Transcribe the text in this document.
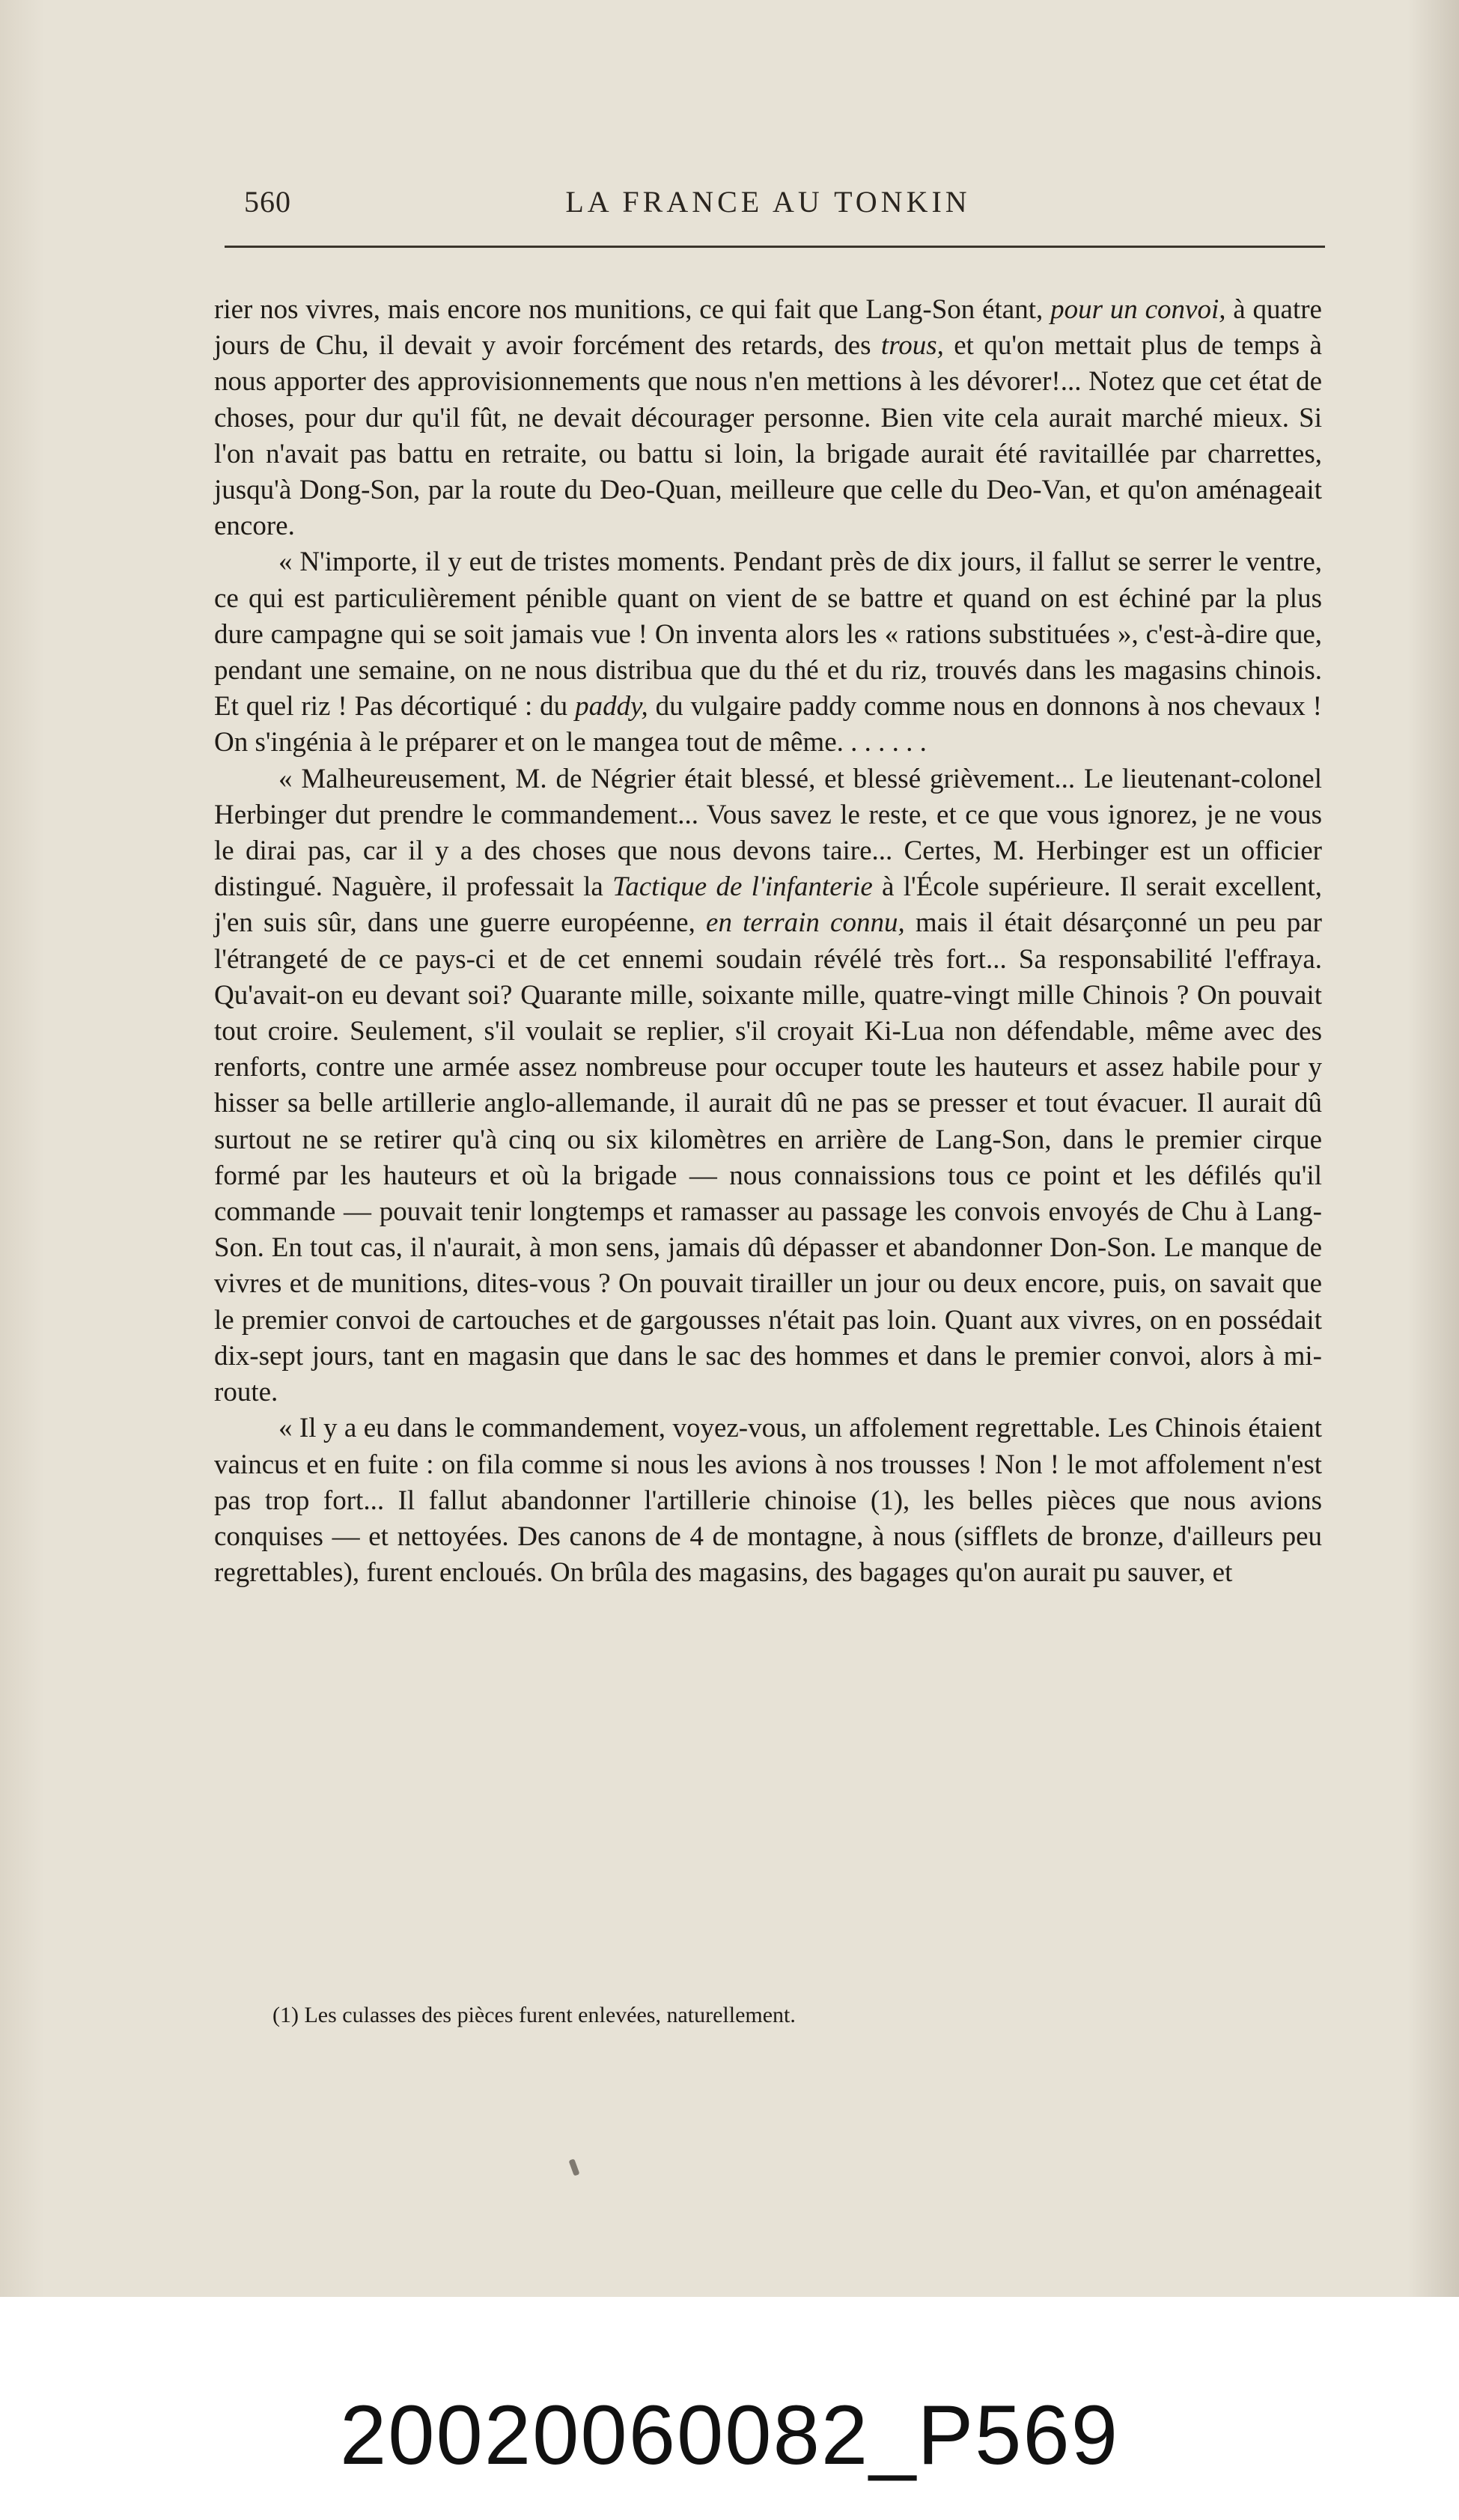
560	LA FRANCE AU TONKIN

rier nos vivres, mais encore nos munitions, ce qui fait que Lang-Son étant, pour un convoi, à quatre jours de Chu, il devait y avoir forcément des retards, des trous, et qu'on mettait plus de temps à nous apporter des approvisionnements que nous n'en mettions à les dévorer!... Notez que cet état de choses, pour dur qu'il fût, ne devait décourager personne. Bien vite cela aurait marché mieux. Si l'on n'avait pas battu en retraite, ou battu si loin, la brigade aurait été ravitaillée par charrettes, jusqu'à Dong-Son, par la route du Deo-Quan, meilleure que celle du Deo-Van, et qu'on aménageait encore.

« N'importe, il y eut de tristes moments. Pendant près de dix jours, il fallut se serrer le ventre, ce qui est particulièrement pénible quant on vient de se battre et quand on est échiné par la plus dure campagne qui se soit jamais vue ! On inventa alors les « rations substituées », c'est-à-dire que, pendant une semaine, on ne nous distribua que du thé et du riz, trouvés dans les magasins chinois. Et quel riz ! Pas décortiqué : du paddy, du vulgaire paddy comme nous en donnons à nos chevaux ! On s'ingénia à le préparer et on le mangea tout de même. . . . . . .

« Malheureusement, M. de Négrier était blessé, et blessé grièvement... Le lieutenant-colonel Herbinger dut prendre le commandement... Vous savez le reste, et ce que vous ignorez, je ne vous le dirai pas, car il y a des choses que nous devons taire... Certes, M. Herbinger est un officier distingué. Naguère, il professait la Tactique de l'infanterie à l'École supérieure. Il serait excellent, j'en suis sûr, dans une guerre européenne, en terrain connu, mais il était désarçonné un peu par l'étrangeté de ce pays-ci et de cet ennemi soudain révélé très fort... Sa responsabilité l'effraya. Qu'avait-on eu devant soi? Quarante mille, soixante mille, quatre-vingt mille Chinois ? On pouvait tout croire. Seulement, s'il voulait se replier, s'il croyait Ki-Lua non défendable, même avec des renforts, contre une armée assez nombreuse pour occuper toute les hauteurs et assez habile pour y hisser sa belle artillerie anglo-allemande, il aurait dû ne pas se presser et tout évacuer. Il aurait dû surtout ne se retirer qu'à cinq ou six kilomètres en arrière de Lang-Son, dans le premier cirque formé par les hauteurs et où la brigade — nous connaissions tous ce point et les défilés qu'il commande — pouvait tenir longtemps et ramasser au passage les convois envoyés de Chu à Lang-Son. En tout cas, il n'aurait, à mon sens, jamais dû dépasser et abandonner Don-Son. Le manque de vivres et de munitions, dites-vous ? On pouvait tirailler un jour ou deux encore, puis, on savait que le premier convoi de cartouches et de gargousses n'était pas loin. Quant aux vivres, on en possédait dix-sept jours, tant en magasin que dans le sac des hommes et dans le premier convoi, alors à mi-route.

« Il y a eu dans le commandement, voyez-vous, un affolement regrettable. Les Chinois étaient vaincus et en fuite : on fila comme si nous les avions à nos trousses ! Non ! le mot affolement n'est pas trop fort... Il fallut abandonner l'artillerie chinoise (1), les belles pièces que nous avions conquises — et nettoyées. Des canons de 4 de montagne, à nous (sifflets de bronze, d'ailleurs peu regrettables), furent encloués. On brûla des magasins, des bagages qu'on aurait pu sauver, et

(1) Les culasses des pièces furent enlevées, naturellement.
20020060082_P569
